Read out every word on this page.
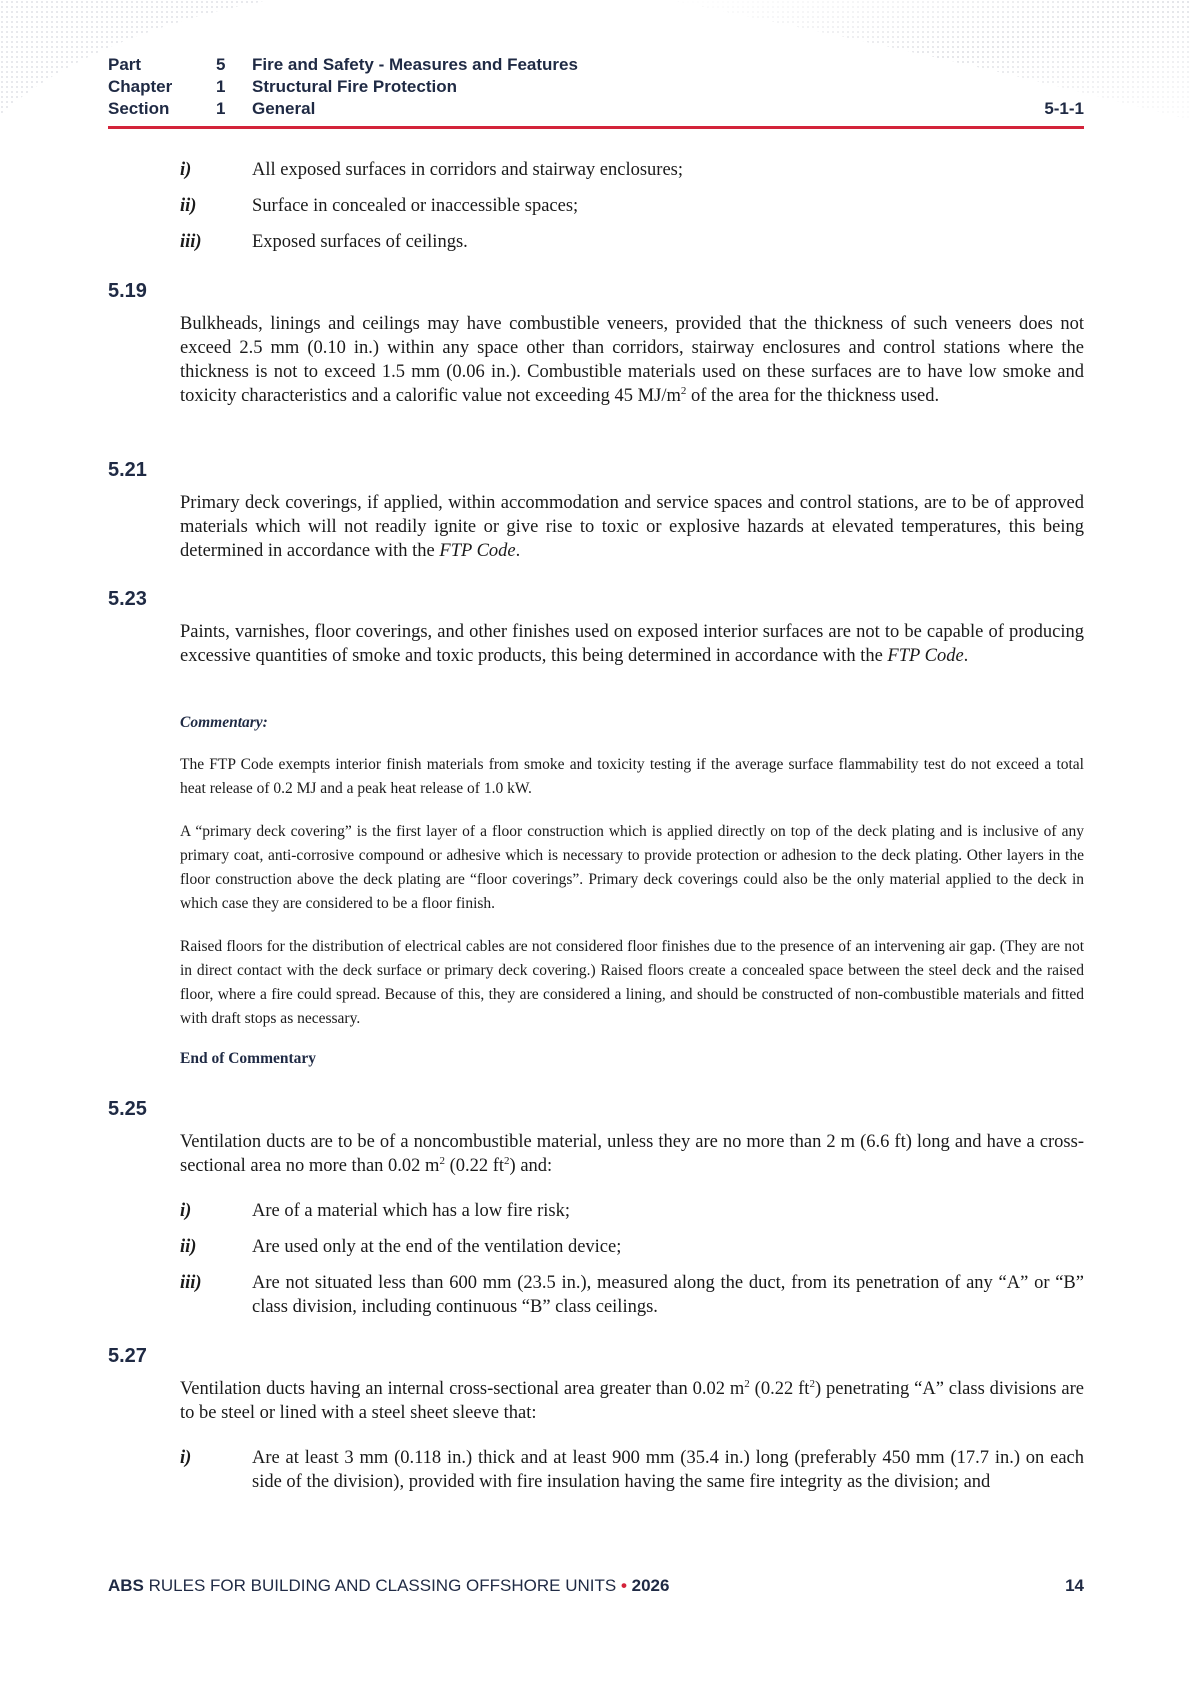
Part	5	Fire and Safety - Measures and Features
Chapter	1	Structural Fire Protection
Section	1	General	5-1-1
i)	All exposed surfaces in corridors and stairway enclosures;
ii)	Surface in concealed or inaccessible spaces;
iii)	Exposed surfaces of ceilings.
5.19
Bulkheads, linings and ceilings may have combustible veneers, provided that the thickness of such veneers does not exceed 2.5 mm (0.10 in.) within any space other than corridors, stairway enclosures and control stations where the thickness is not to exceed 1.5 mm (0.06 in.). Combustible materials used on these surfaces are to have low smoke and toxicity characteristics and a calorific value not exceeding 45 $MJ/m^2$ of the area for the thickness used.
5.21
Primary deck coverings, if applied, within accommodation and service spaces and control stations, are to be of approved materials which will not readily ignite or give rise to toxic or explosive hazards at elevated temperatures, this being determined in accordance with the FTP Code.
5.23
Paints, varnishes, floor coverings, and other finishes used on exposed interior surfaces are not to be capable of producing excessive quantities of smoke and toxic products, this being determined in accordance with the FTP Code.
Commentary:
The FTP Code exempts interior finish materials from smoke and toxicity testing if the average surface flammability test do not exceed a total heat release of 0.2 MJ and a peak heat release of 1.0 kW.
A “primary deck covering” is the first layer of a floor construction which is applied directly on top of the deck plating and is inclusive of any primary coat, anti-corrosive compound or adhesive which is necessary to provide protection or adhesion to the deck plating. Other layers in the floor construction above the deck plating are “floor coverings”. Primary deck coverings could also be the only material applied to the deck in which case they are considered to be a floor finish.
Raised floors for the distribution of electrical cables are not considered floor finishes due to the presence of an intervening air gap. (They are not in direct contact with the deck surface or primary deck covering.) Raised floors create a concealed space between the steel deck and the raised floor, where a fire could spread. Because of this, they are considered a lining, and should be constructed of non-combustible materials and fitted with draft stops as necessary.
End of Commentary
5.25
Ventilation ducts are to be of a noncombustible material, unless they are no more than 2 m (6.6 ft) long and have a cross-sectional area no more than 0.02 $m^2$ (0.22 $ft^2$) and:
i)	Are of a material which has a low fire risk;
ii)	Are used only at the end of the ventilation device;
iii)	Are not situated less than 600 mm (23.5 in.), measured along the duct, from its penetration of any “A” or “B” class division, including continuous “B” class ceilings.
5.27
Ventilation ducts having an internal cross-sectional area greater than 0.02 $m^2$ (0.22 $ft^2$) penetrating “A” class divisions are to be steel or lined with a steel sheet sleeve that:
i)	Are at least 3 mm (0.118 in.) thick and at least 900 mm (35.4 in.) long (preferably 450 mm (17.7 in.) on each side of the division), provided with fire insulation having the same fire integrity as the division; and
ABS RULES FOR BUILDING AND CLASSING OFFSHORE UNITS • 2026	14
